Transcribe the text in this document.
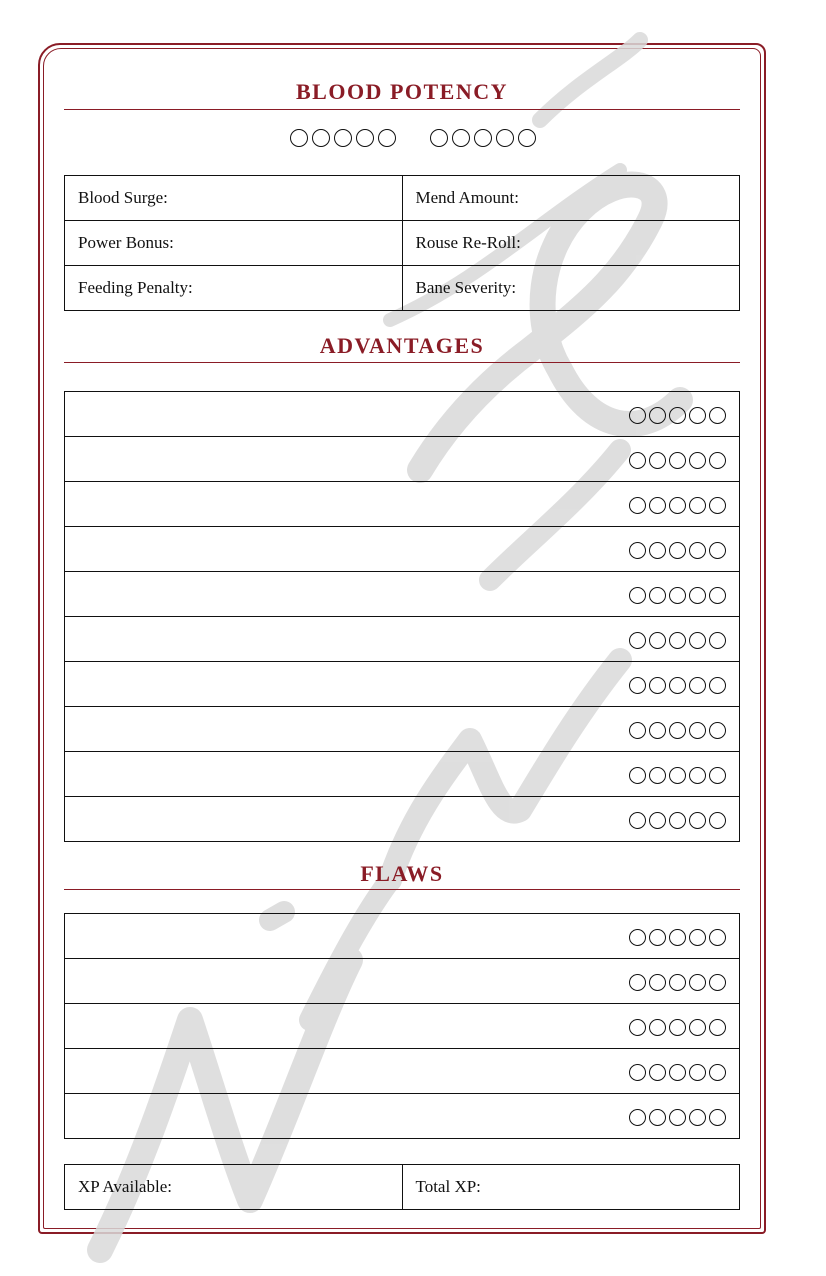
BLOOD POTENCY

Blood Surge:	Mend Amount:
Power Bonus:	Rouse Re-Roll:
Feeding Penalty:	Bane Severity:
ADVANTAGES

FLAWS

XP Available:	Total XP:
